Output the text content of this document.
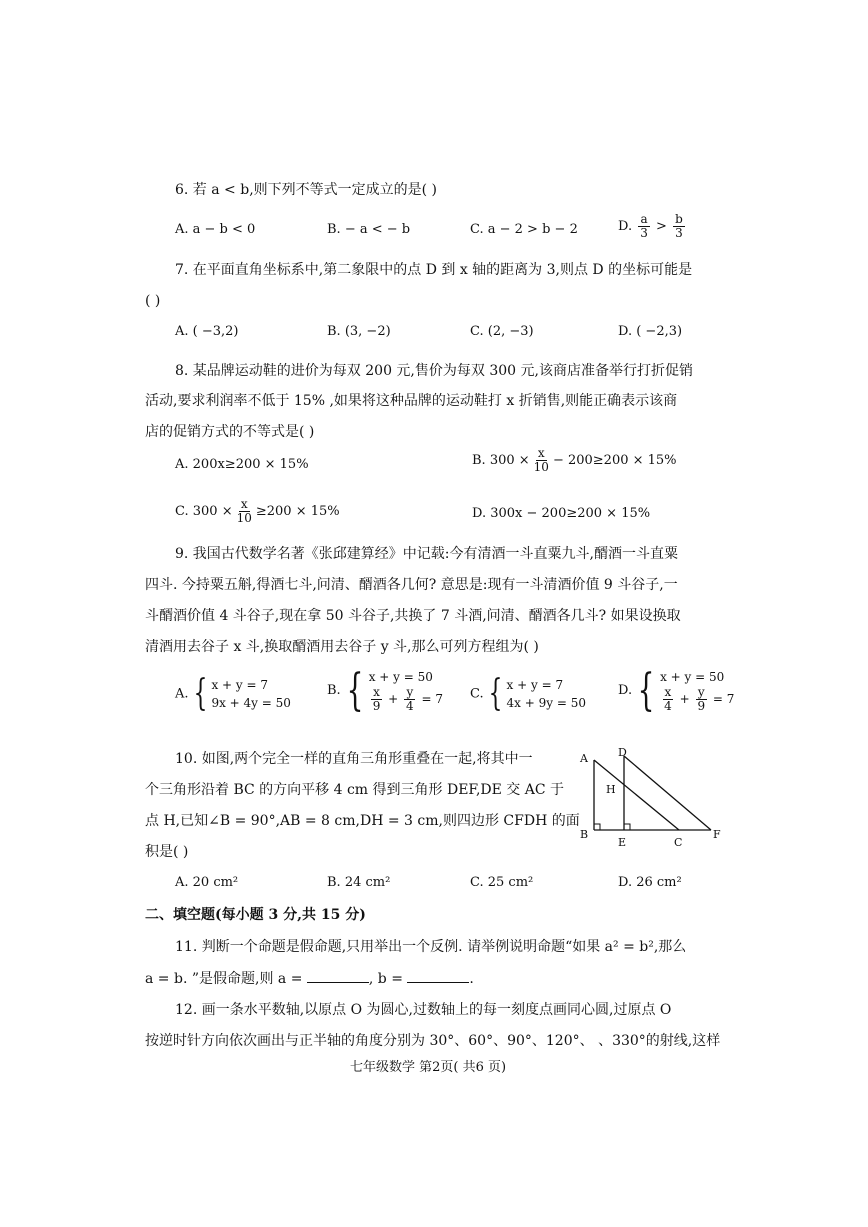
6. 若 a < b,则下列不等式一定成立的是( )
A. a − b < 0	B. − a < − b	C. a − 2 > b − 2	D. $\frac{a}{3} > \frac{b}{3}$
7. 在平面直角坐标系中,第二象限中的点 D 到 x 轴的距离为 3,则点 D 的坐标可能是
( )
A. ( −3,2)	B. (3, −2)	C. (2, −3)	D. ( −2,3)
8. 某品牌运动鞋的进价为每双 200 元,售价为每双 300 元,该商店准备举行打折促销
活动,要求利润率不低于 15% ,如果将这种品牌的运动鞋打 x 折销售,则能正确表示该商
店的促销方式的不等式是( )
A. 200x≥200 × 15%	B. $300 \times \frac{x}{10} - 200\ge 200 \times 15\%$
C. $300 \times \frac{x}{10} \ge 200 \times 15\%$	D. 300x − 200≥200 × 15%
9. 我国古代数学名著《张邱建算经》中记载:今有清酒一斗直粟九斗,醑酒一斗直粟
四斗. 今持粟五斛,得酒七斗,问清、醑酒各几何? 意思是:现有一斗清酒价值 9 斗谷子,一
斗醑酒价值 4 斗谷子,现在拿 50 斗谷子,共换了 7 斗酒,问清、醑酒各几斗? 如果设换取
清酒用去谷子 x 斗,换取醑酒用去谷子 y 斗,那么可列方程组为( )
A. { x + y = 7
9x + 4y = 50
B. { x + y = 50
$\frac{x}{9} + \frac{y}{4} = 7$ C. { x + y = 7
4x + 9y = 50
D. { x + y = 50
$\frac{x}{4} + \frac{y}{9} = 7$
10. 如图,两个完全一样的直角三角形重叠在一起,将其中一
个三角形沿着 BC 的方向平移 4 cm 得到三角形 DEF,DE 交 AC 于
点 H,已知∠B = 90°,AB = 8 cm,DH = 3 cm,则四边形 CFDH 的面
积是( )
A	D
H
B
E	C
F
A. 20 cm²	B. 24 cm²	C. 25 cm²	D. 26 cm²
二、填空题(每小题 3 分,共 15 分)
11. 判断一个命题是假命题,只用举出一个反例. 请举例说明命题“如果 a² = b²,那么
a = b. ”是假命题,则 a =	, b =	.
12. 画一条水平数轴,以原点 O 为圆心,过数轴上的每一刻度点画同心圆,过原点 O
按逆时针方向依次画出与正半轴的角度分别为 30°、60°、90°、120°、 、330°的射线,这样
七年级数学 第2页( 共6 页)
